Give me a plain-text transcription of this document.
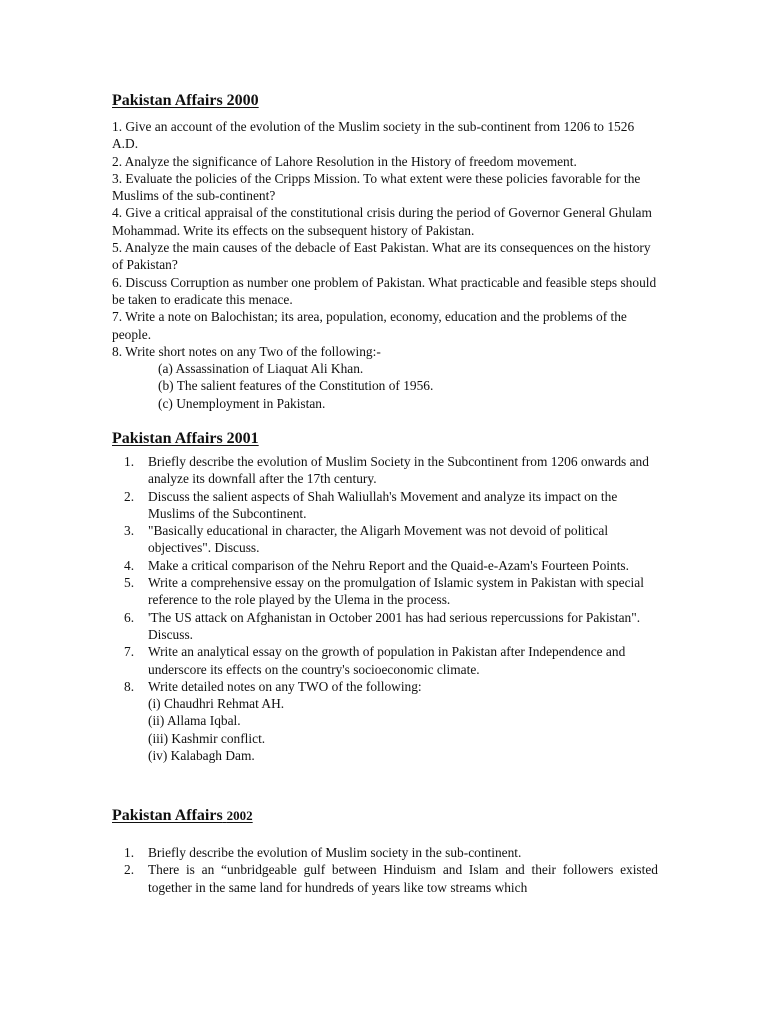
Pakistan Affairs 2000

1. Give an account of the evolution of the Muslim society in the sub-continent from 1206 to 1526 A.D.

2. Analyze the significance of Lahore Resolution in the History of freedom movement.

3. Evaluate the policies of the Cripps Mission. To what extent were these policies favorable for the Muslims of the sub-continent?

4. Give a critical appraisal of the constitutional crisis during the period of Governor General Ghulam Mohammad. Write its effects on the subsequent history of Pakistan.

5. Analyze the main causes of the debacle of East Pakistan. What are its consequences on the history of Pakistan?

6. Discuss Corruption as number one problem of Pakistan. What practicable and feasible steps should be taken to eradicate this menace.

7. Write a note on Balochistan; its area, population, economy, education and the problems of the people.

8. Write short notes on any Two of the following:-

(a) Assassination of Liaquat Ali Khan.

(b) The salient features of the Constitution of 1956.

(c) Unemployment in Pakistan.

Pakistan Affairs 2001
1. Briefly describe the evolution of Muslim Society in the Subcontinent from 1206 onwards and analyze its downfall after the 17th century.
2. Discuss the salient aspects of Shah Waliullah's Movement and analyze its impact on the Muslims of the Subcontinent.
3. "Basically educational in character, the Aligarh Movement was not devoid of political objectives". Discuss.
4. Make a critical comparison of the Nehru Report and the Quaid-e-Azam's Fourteen Points.
5. Write a comprehensive essay on the promulgation of Islamic system in Pakistan with special reference to the role played by the Ulema in the process.
6. 'The US attack on Afghanistan in October 2001 has had serious repercussions for Pakistan". Discuss.
7. Write an analytical essay on the growth of population in Pakistan after Independence and underscore its effects on the country's socioeconomic climate.
8. Write detailed notes on any TWO of the following:
(i) Chaudhri Rehmat AH.
(ii) Allama Iqbal.
(iii) Kashmir conflict.
(iv) Kalabagh Dam.
Pakistan Affairs 2002
1. Briefly describe the evolution of Muslim society in the sub-continent.
2. There is an “unbridgeable gulf between Hinduism and Islam and their followers existed together in the same land for hundreds of years like tow streams which
